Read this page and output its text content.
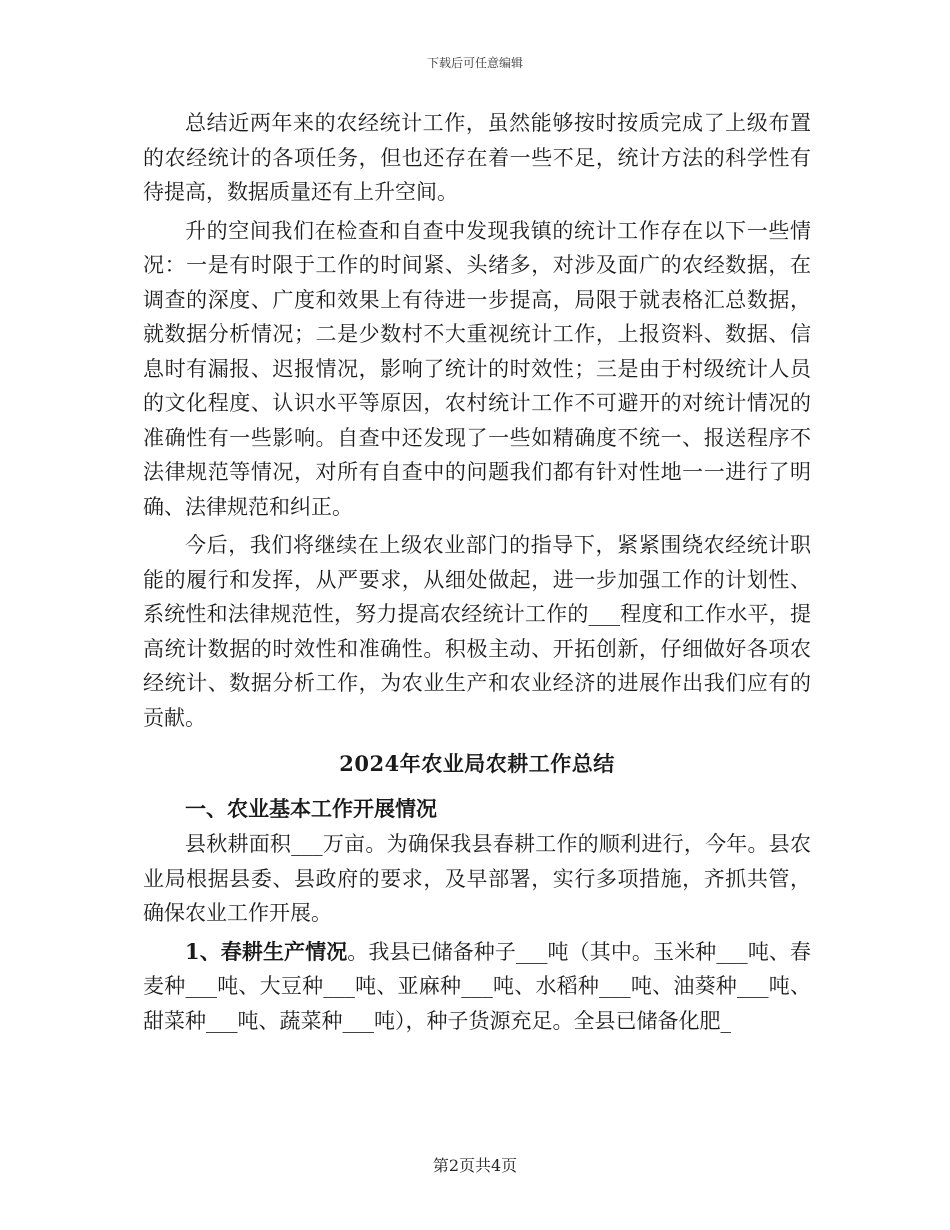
下载后可任意编辑

总结近两年来的农经统计工作，虽然能够按时按质完成了上级布置的农经统计的各项任务，但也还存在着一些不足，统计方法的科学性有待提高，数据质量还有上升空间。

升的空间我们在检查和自查中发现我镇的统计工作存在以下一些情况：一是有时限于工作的时间紧、头绪多，对涉及面广的农经数据，在调查的深度、广度和效果上有待进一步提高，局限于就表格汇总数据，就数据分析情况；二是少数村不大重视统计工作，上报资料、数据、信息时有漏报、迟报情况，影响了统计的时效性；三是由于村级统计人员的文化程度、认识水平等原因，农村统计工作不可避开的对统计情况的准确性有一些影响。自查中还发现了一些如精确度不统一、报送程序不法律规范等情况，对所有自查中的问题我们都有针对性地一一进行了明确、法律规范和纠正。

今后，我们将继续在上级农业部门的指导下，紧紧围绕农经统计职能的履行和发挥，从严要求，从细处做起，进一步加强工作的计划性、系统性和法律规范性，努力提高农经统计工作的___程度和工作水平，提高统计数据的时效性和准确性。积极主动、开拓创新，仔细做好各项农经统计、数据分析工作，为农业生产和农业经济的进展作出我们应有的贡献。

2024年农业局农耕工作总结

一、农业基本工作开展情况

县秋耕面积___万亩。为确保我县春耕工作的顺利进行，今年。县农业局根据县委、县政府的要求，及早部署，实行多项措施，齐抓共管，确保农业工作开展。

1、春耕生产情况。我县已储备种子___吨（其中。玉米种___吨、春麦种___吨、大豆种___吨、亚麻种___吨、水稻种___吨、油葵种___吨、甜菜种___吨、蔬菜种___吨），种子货源充足。全县已储备化肥_

第2页共4页
